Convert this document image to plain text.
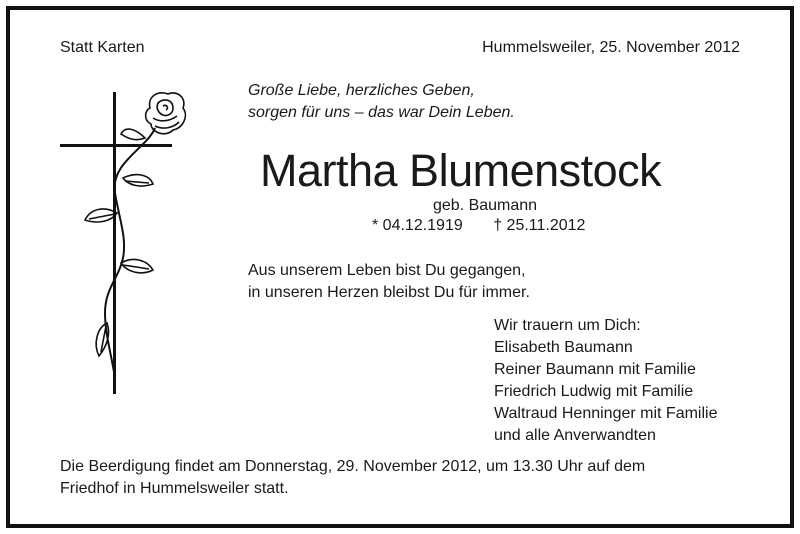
Statt Karten	Hummelsweiler, 25. November 2012
Große Liebe, herzliches Geben,
sorgen für uns – das war Dein Leben.
Martha Blumenstock
geb. Baumann
* 04.12.1919 † 25.11.2012
Aus unserem Leben bist Du gegangen,
in unseren Herzen bleibst Du für immer.
Wir trauern um Dich:
Elisabeth Baumann
Reiner Baumann mit Familie
Friedrich Ludwig mit Familie
Waltraud Henninger mit Familie
und alle Anverwandten
Die Beerdigung findet am Donnerstag, 29. November 2012, um 13.30 Uhr auf dem
Friedhof in Hummelsweiler statt.
